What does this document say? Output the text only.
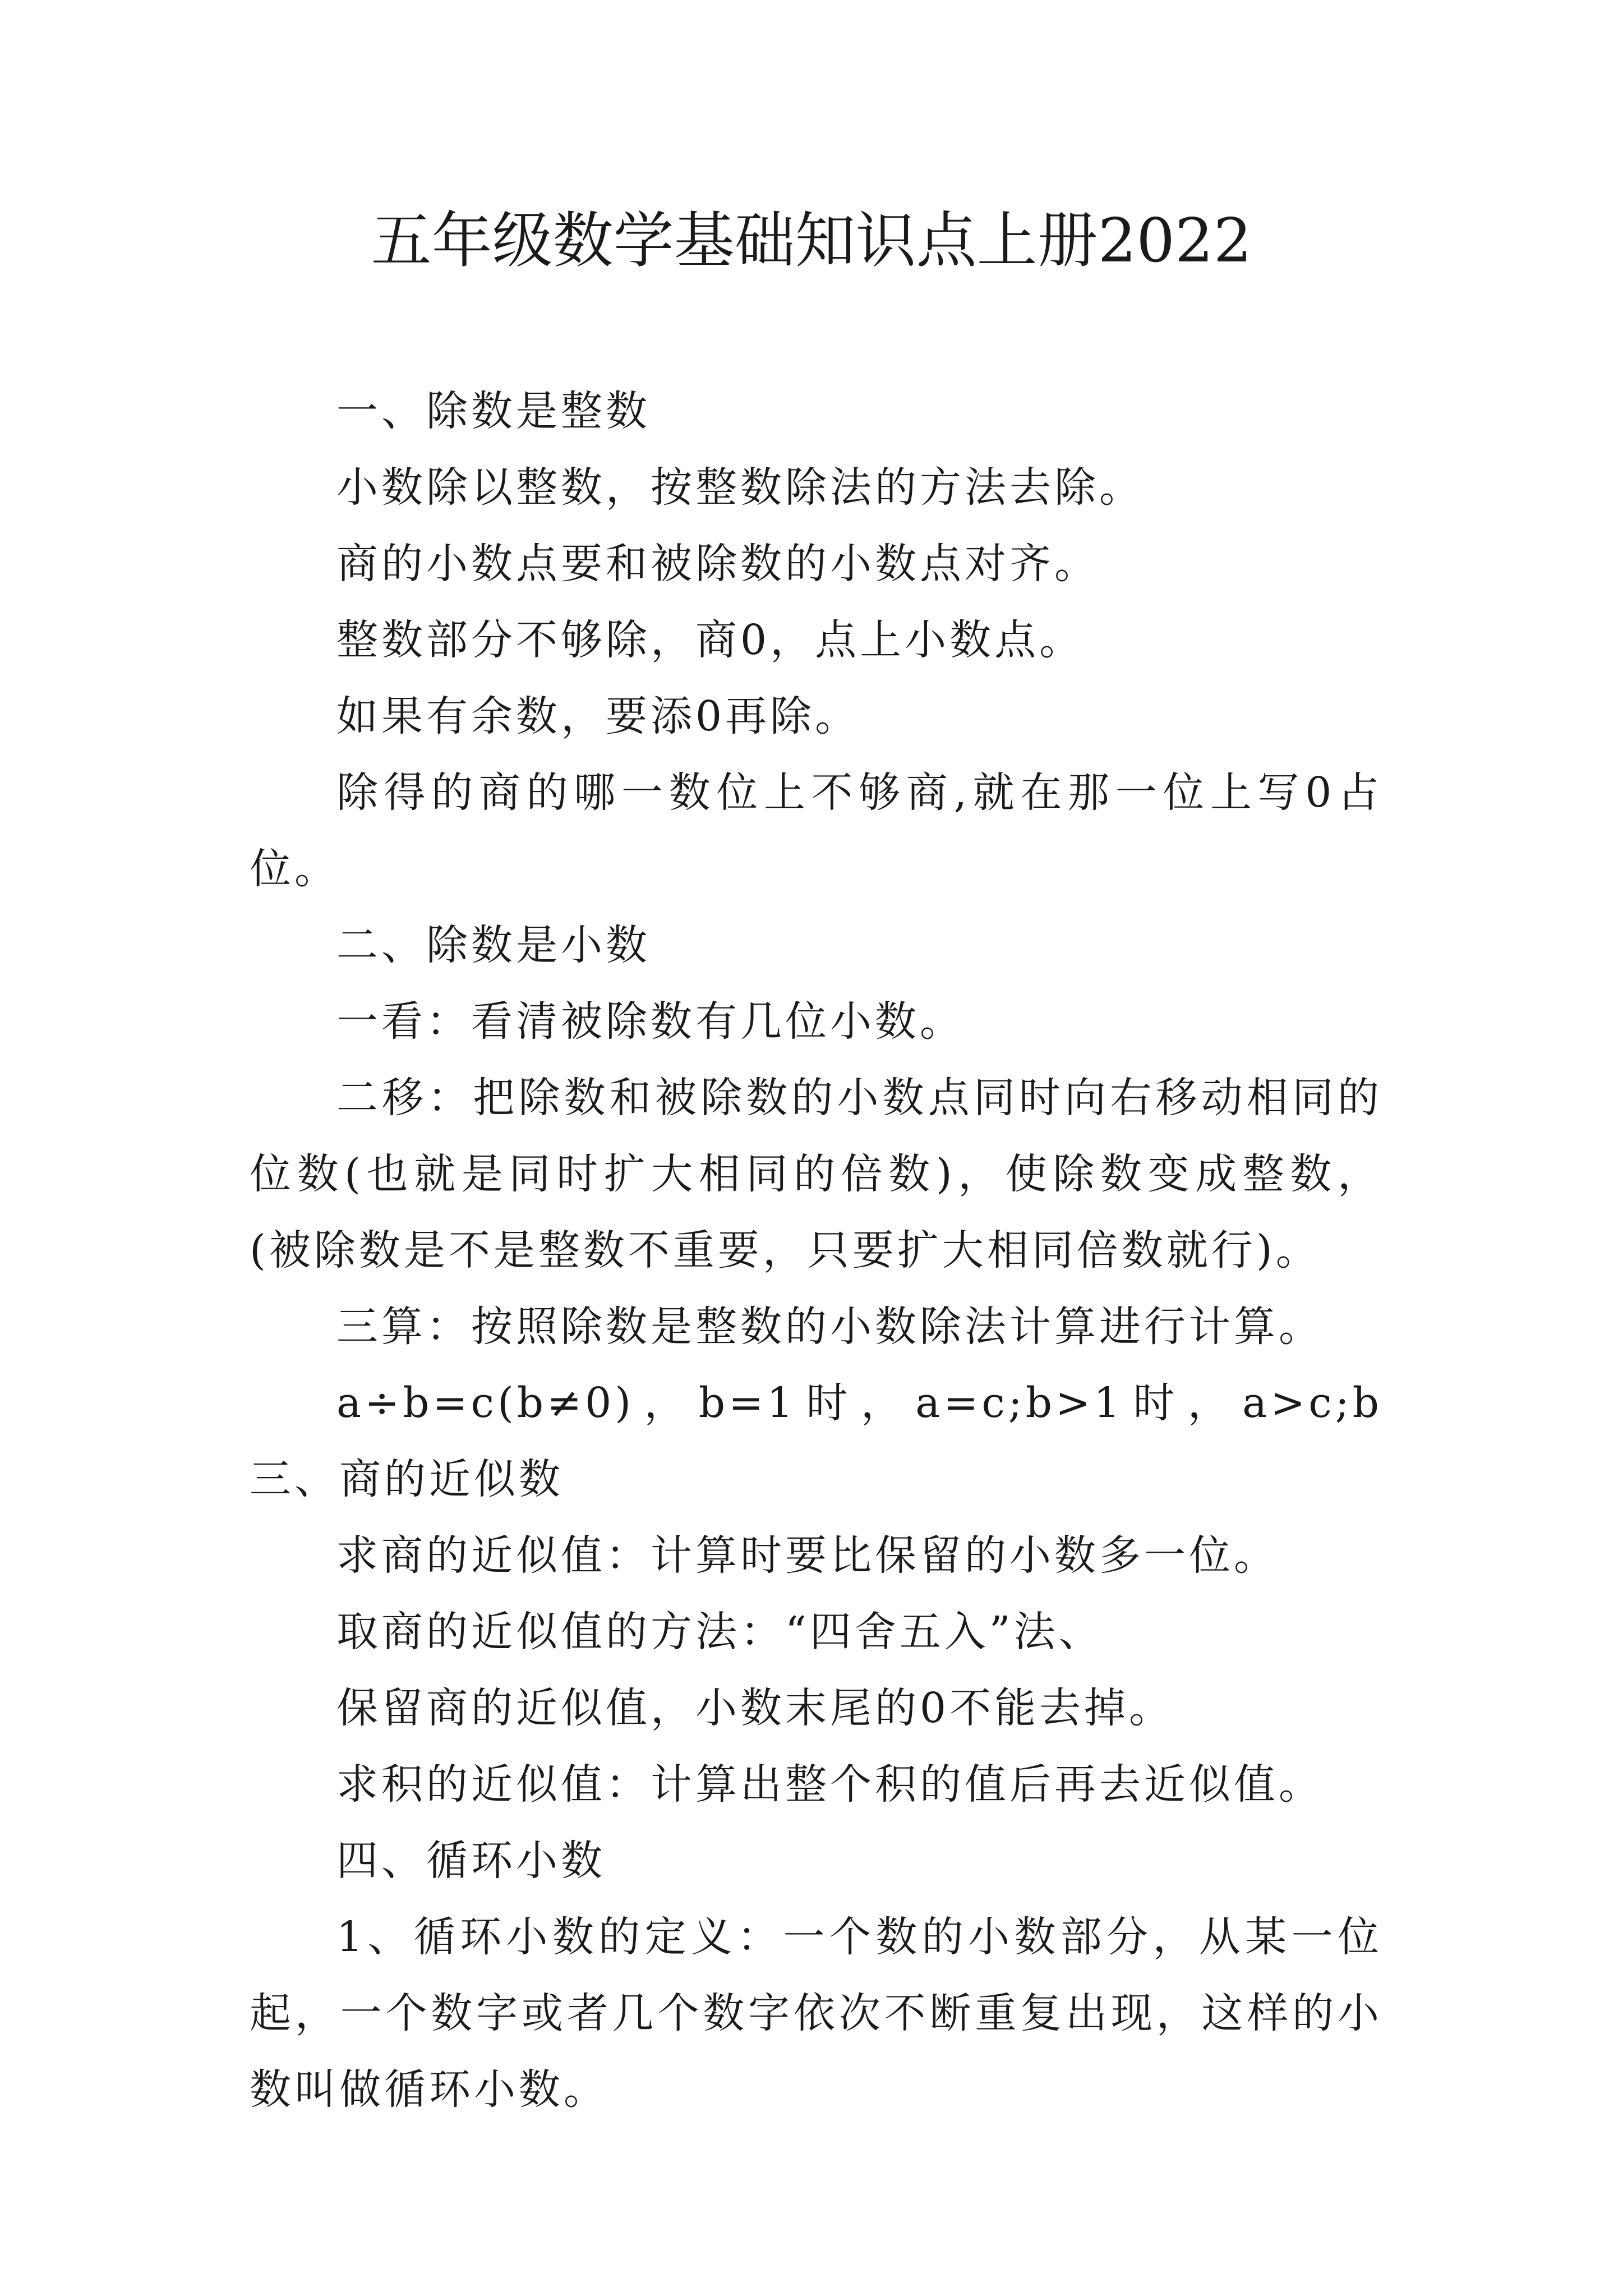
五年级数学基础知识点上册2022

一、除数是整数

小数除以整数，按整数除法的方法去除。

商的小数点要和被除数的小数点对齐。

整数部分不够除，商0，点上小数点。

如果有余数，要添0再除。

除得的商的哪一数位上不够商,就在那一位上写0占位。

二、除数是小数

一看：看清被除数有几位小数。

二移：把除数和被除数的小数点同时向右移动相同的位数(也就是同时扩大相同的倍数)，使除数变成整数，(被除数是不是整数不重要，只要扩大相同倍数就行)。

三算：按照除数是整数的小数除法计算进行计算。

a÷b=c(b≠0)，b=1时，a=c;b>1时，a>c;b　　 三、商的近似数

求商的近似值：计算时要比保留的小数多一位。

取商的近似值的方法：“四舍五入”法、

保留商的近似值，小数末尾的0不能去掉。

求积的近似值：计算出整个积的值后再去近似值。

四、循环小数

1、循环小数的定义：一个数的小数部分，从某一位起，一个数字或者几个数字依次不断重复出现，这样的小数叫做循环小数。
